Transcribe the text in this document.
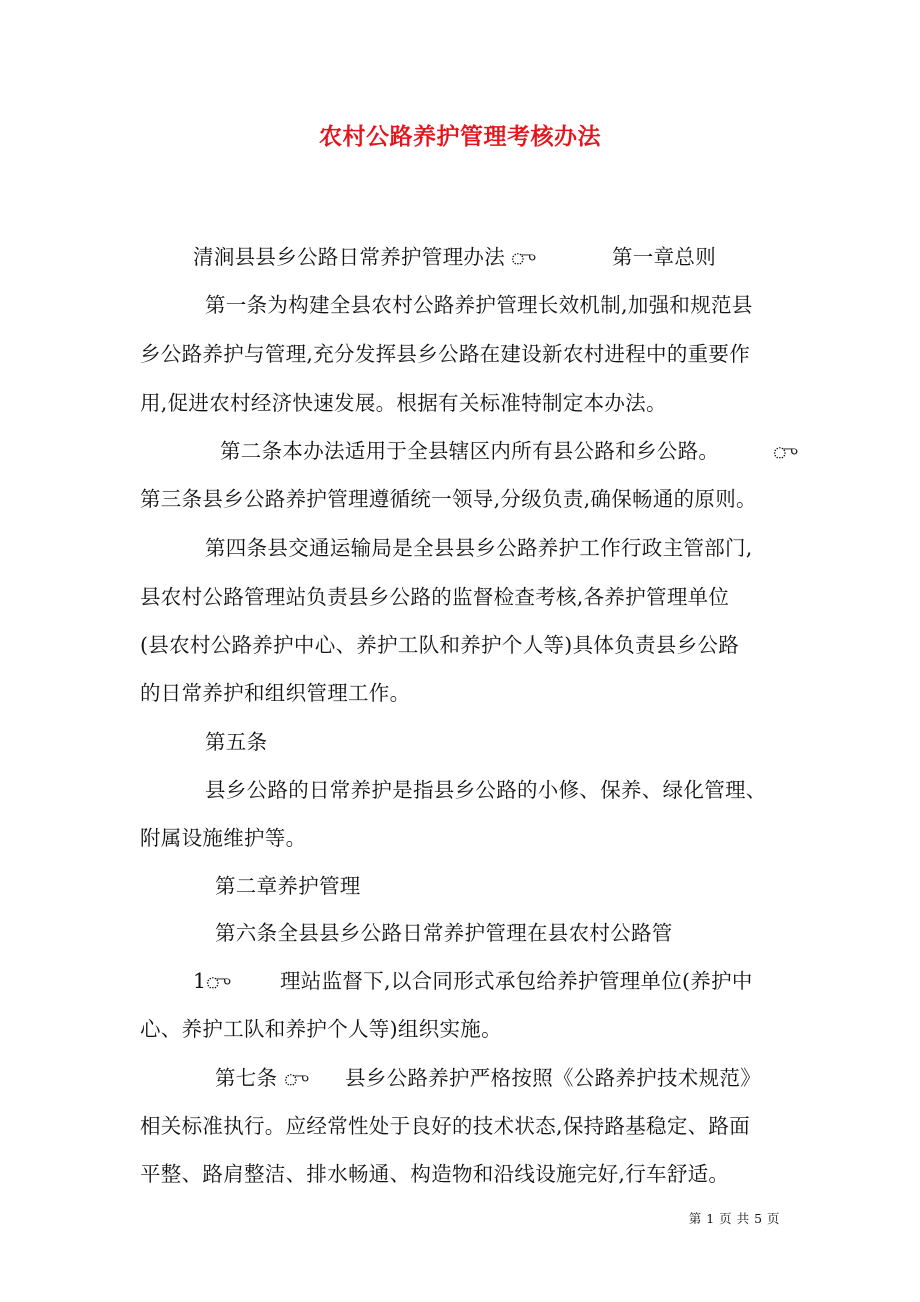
农村公路养护管理考核办法
清涧县县乡公路日常养护管理办法 ு	第一章总则
第一条为构建全县农村公路养护管理长效机制,加强和规范县
乡公路养护与管理,充分发挥县乡公路在建设新农村进程中的重要作
用,促进农村经济快速发展。根据有关标准特制定本办法。
第二条本办法适用于全县辖区内所有县公路和乡公路。	ு
第三条县乡公路养护管理遵循统一领导,分级负责,确保畅通的原则。
第四条县交通运输局是全县县乡公路养护工作行政主管部门,
县农村公路管理站负责县乡公路的监督检查考核,各养护管理单位
(县农村公路养护中心、养护工队和养护个人等)具体负责县乡公路
的日常养护和组织管理工作。
第五条
县乡公路的日常养护是指县乡公路的小修、保养、绿化管理、
附属设施维护等。
第二章养护管理
第六条全县县乡公路日常养护管理在县农村公路管
1
ு 理站监督下,以合同形式承包给养护管理单位(养护中
心、养护工队和养护个人等)组织实施。
第七条 ு 县乡公路养护严格按照《公路养护技术规范》
相关标准执行。应经常性处于良好的技术状态,保持路基稳定、路面
平整、路肩整洁、排水畅通、构造物和沿线设施完好,行车舒适。
第 1 页 共 5 页
